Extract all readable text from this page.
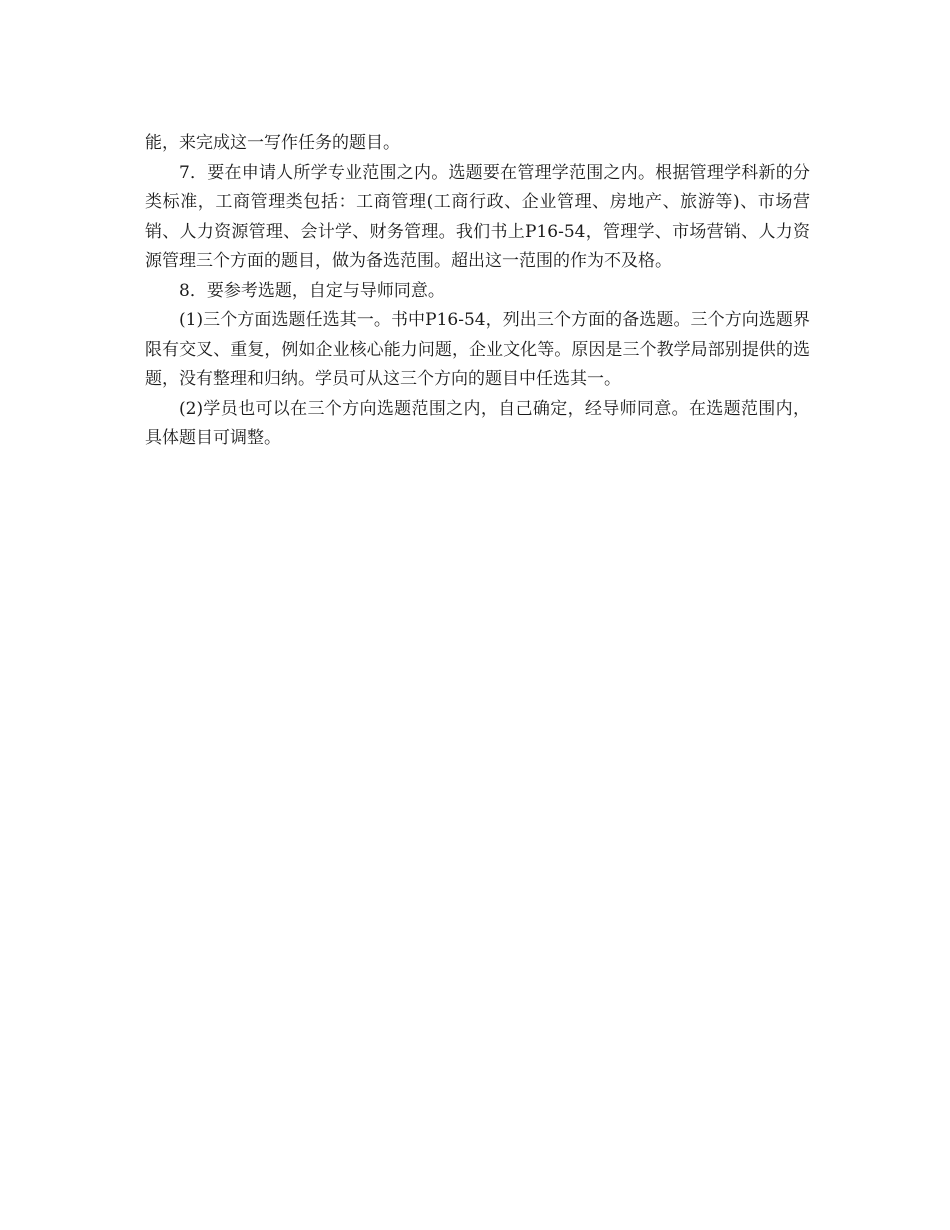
能，来完成这一写作任务的题目。

7．要在申请人所学专业范围之内。选题要在管理学范围之内。根据管理学科新的分类标准，工商管理类包括：工商管理(工商行政、企业管理、房地产、旅游等)、市场营销、人力资源管理、会计学、财务管理。我们书上P16-54，管理学、市场营销、人力资源管理三个方面的题目，做为备选范围。超出这一范围的作为不及格。

8．要参考选题，自定与导师同意。

(1)三个方面选题任选其一。书中P16-54，列出三个方面的备选题。三个方向选题界限有交叉、重复，例如企业核心能力问题，企业文化等。原因是三个教学局部别提供的选题，没有整理和归纳。学员可从这三个方向的题目中任选其一。

(2)学员也可以在三个方向选题范围之内，自己确定，经导师同意。在选题范围内，具体题目可调整。
